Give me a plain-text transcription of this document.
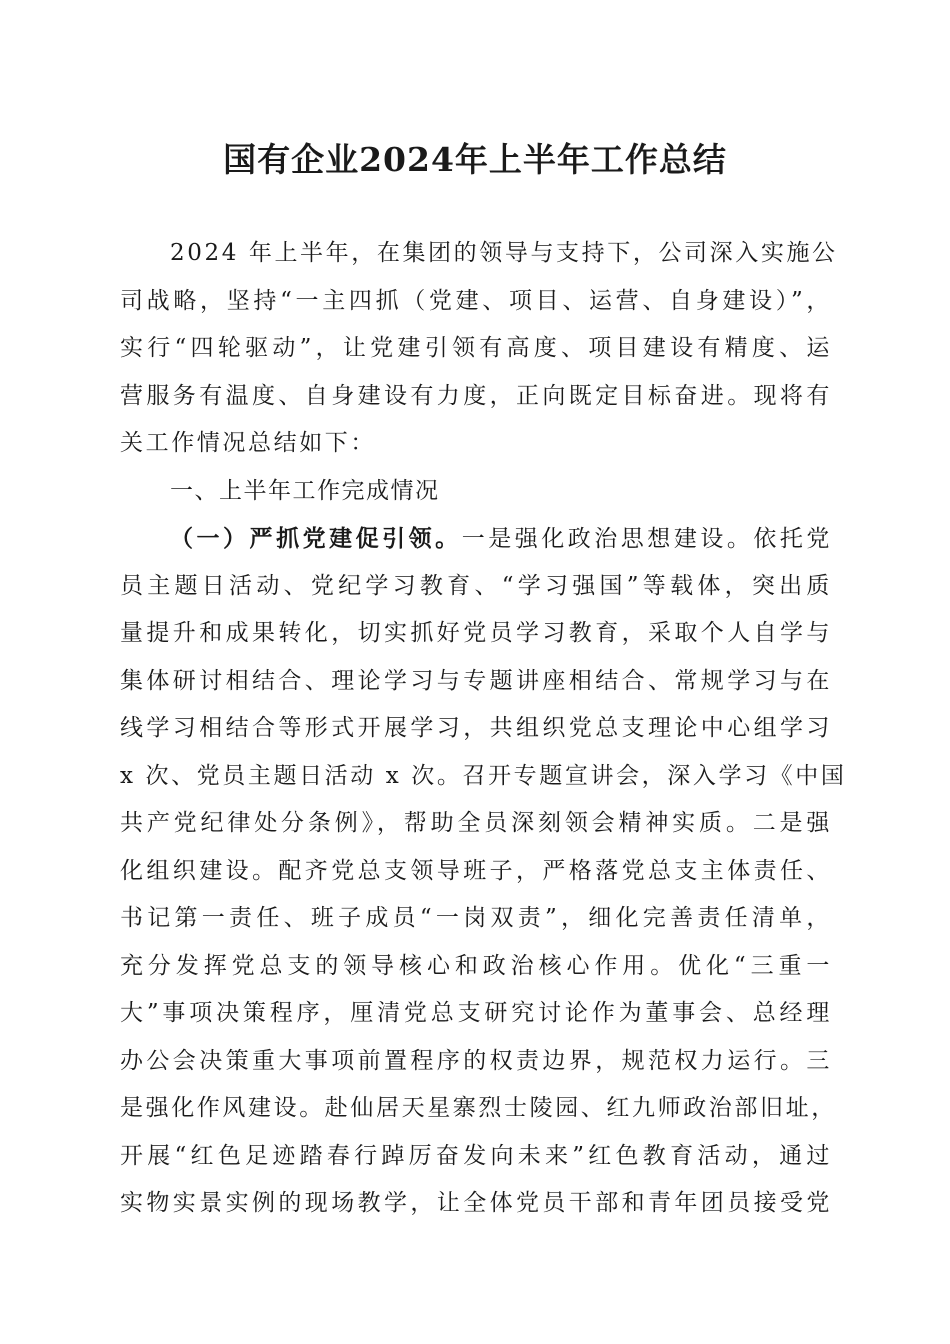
国有企业2024年上半年工作总结
2024 年上半年，在集团的领导与支持下，公司深入实施公
司战略，坚持“一主四抓（党建、项目、运营、自身建设）”，
实行“四轮驱动”，让党建引领有高度、项目建设有精度、运
营服务有温度、自身建设有力度，正向既定目标奋进。现将有
关工作情况总结如下：
一、上半年工作完成情况
（一）严抓党建促引领。一是强化政治思想建设。依托党
员主题日活动、党纪学习教育、“学习强国”等载体，突出质
量提升和成果转化，切实抓好党员学习教育，采取个人自学与
集体研讨相结合、理论学习与专题讲座相结合、常规学习与在
线学习相结合等形式开展学习，共组织党总支理论中心组学习
x 次、党员主题日活动 x 次。召开专题宣讲会，深入学习《中国
共产党纪律处分条例》，帮助全员深刻领会精神实质。二是强
化组织建设。配齐党总支领导班子，严格落党总支主体责任、
书记第一责任、班子成员“一岗双责”，细化完善责任清单，
充分发挥党总支的领导核心和政治核心作用。优化“三重一
大”事项决策程序，厘清党总支研究讨论作为董事会、总经理
办公会决策重大事项前置程序的权责边界，规范权力运行。三
是强化作风建设。赴仙居天星寨烈士陵园、红九师政治部旧址，
开展“红色足迹踏春行踔厉奋发向未来”红色教育活动，通过
实物实景实例的现场教学，让全体党员干部和青年团员接受党
